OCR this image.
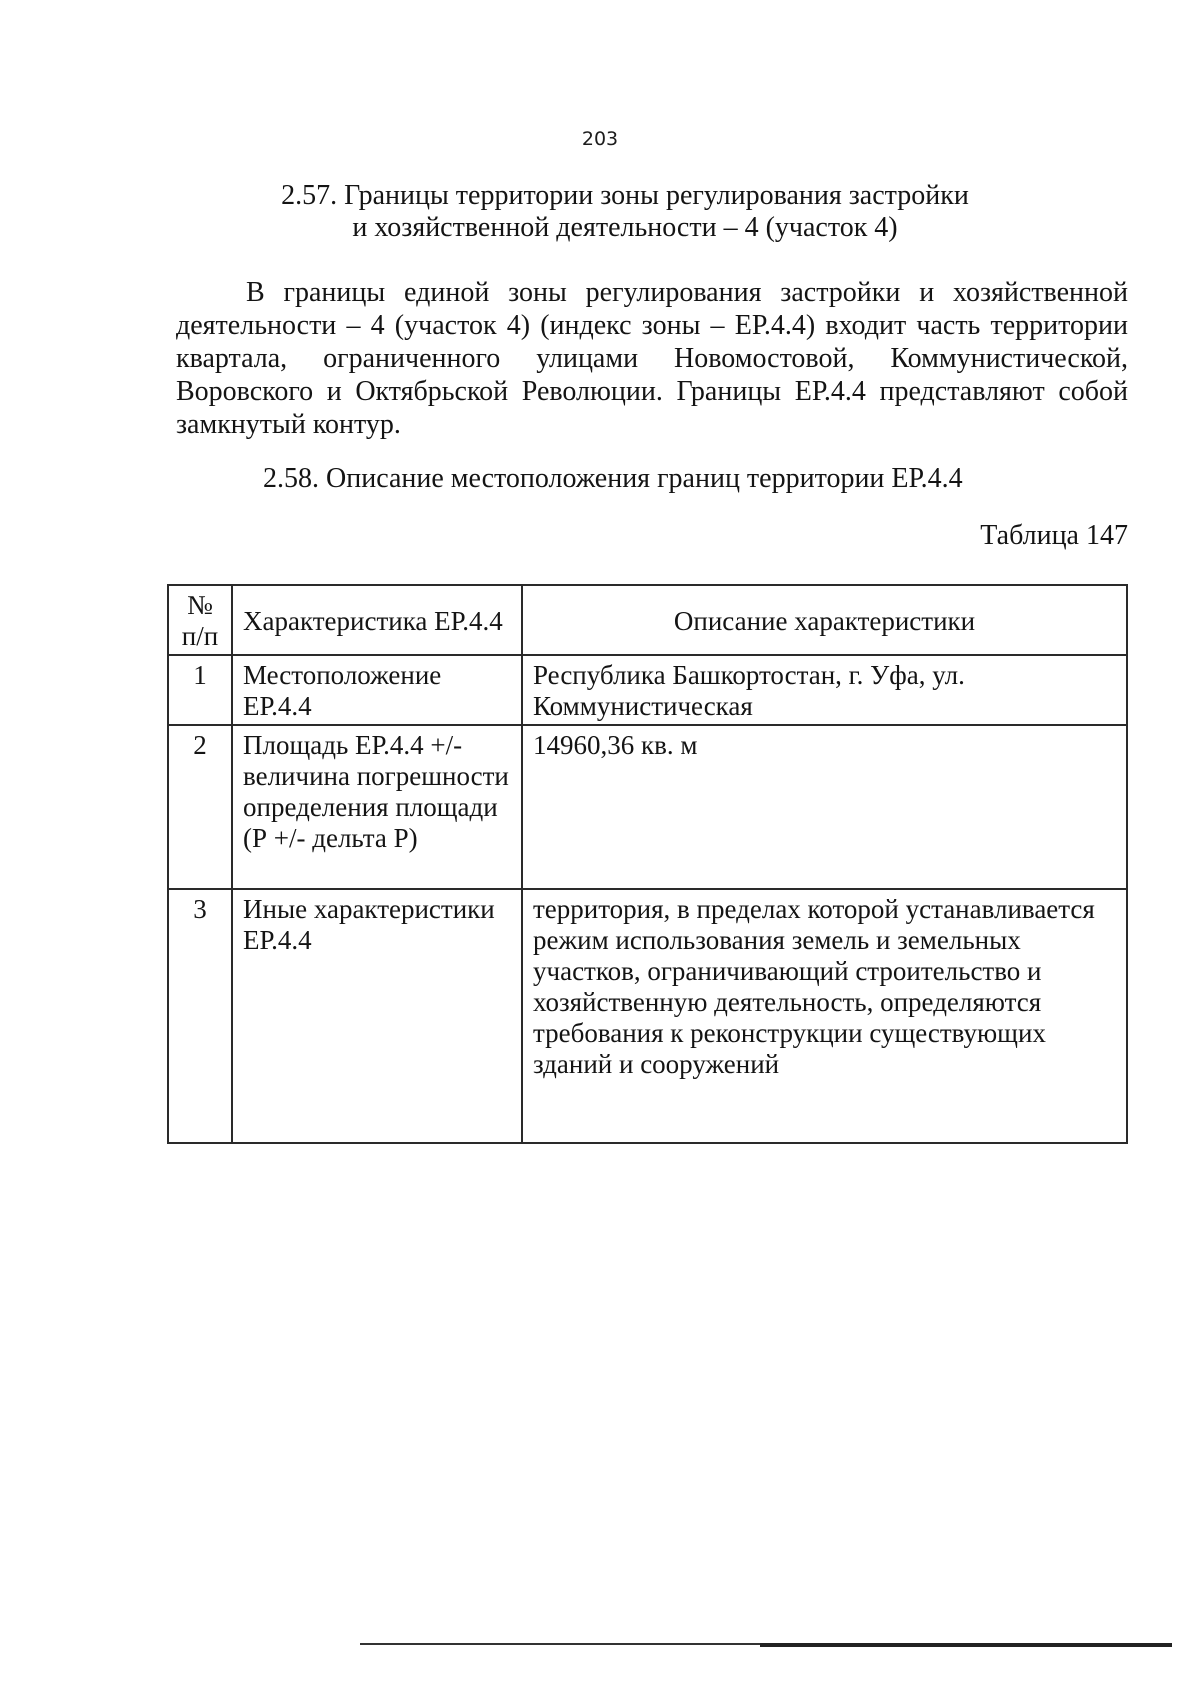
203
2.57. Границы территории зоны регулирования застройки
и хозяйственной деятельности – 4 (участок 4)

В границы единой зоны регулирования застройки и хозяйственной деятельности – 4 (участок 4) (индекс зоны – ЕР.4.4) входит часть территории квартала, ограниченного улицами Новомостовой, Коммунистической, Воровского и Октябрьской Революции. Границы ЕР.4.4 представляют собой замкнутый контур.

2.58. Описание местоположения границ территории ЕР.4.4
Таблица 147
№
п/п	Характеристика ЕР.4.4	Описание характеристики
1	Местоположение ЕР.4.4	Республика Башкортостан, г. Уфа, ул. Коммунистическая
2	Площадь ЕР.4.4 +/- величина погрешности определения площади (Р +/- дельта Р)	14960,36 кв. м
3	Иные характеристики ЕР.4.4	территория, в пределах которой устанавливается режим использования земель и земельных участков, ограничивающий строительство и хозяйственную деятельность, определяются требования к реконструкции существующих зданий и сооружений
